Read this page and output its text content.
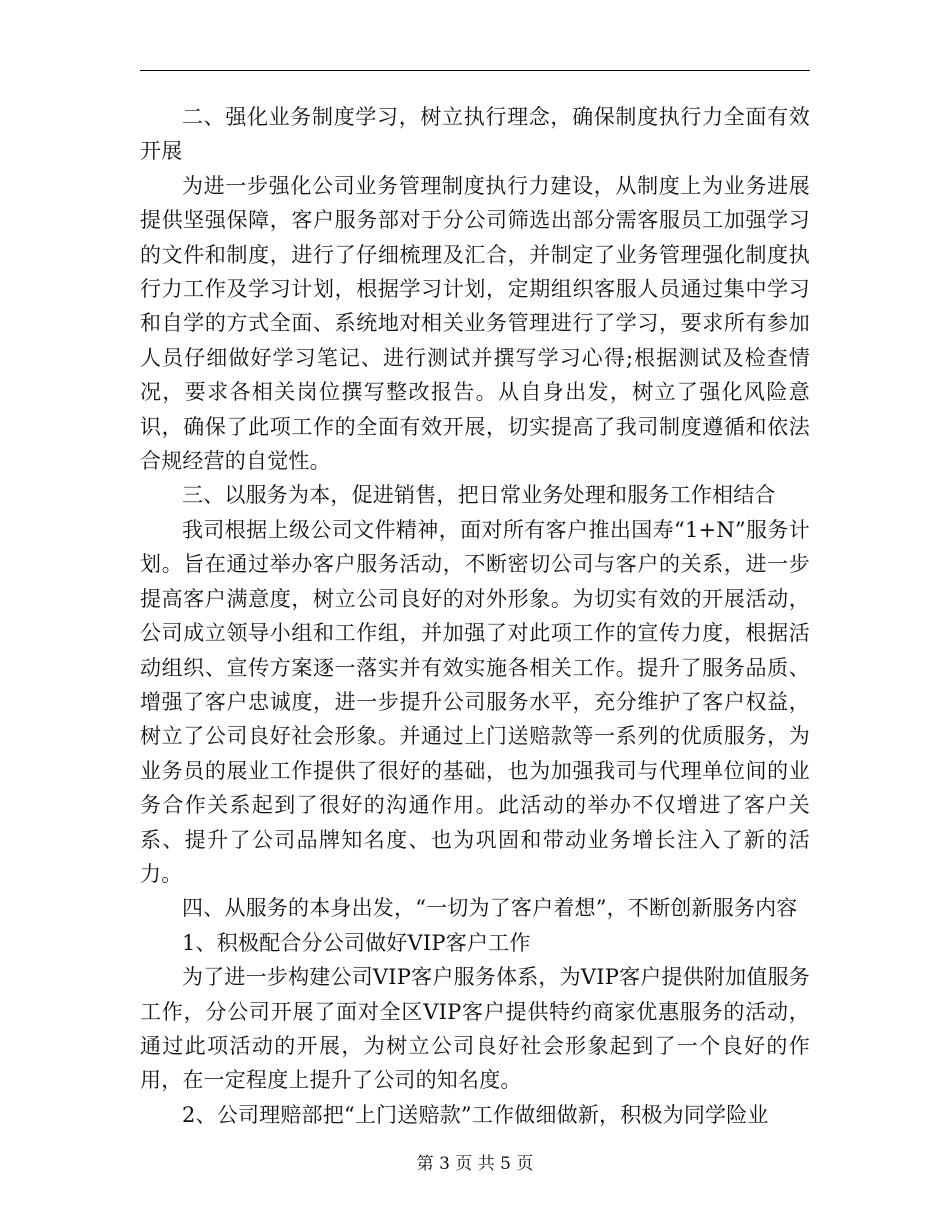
二、强化业务制度学习，树立执行理念，确保制度执行力全面有效开展

为进一步强化公司业务管理制度执行力建设，从制度上为业务进展提供坚强保障，客户服务部对于分公司筛选出部分需客服员工加强学习的文件和制度，进行了仔细梳理及汇合，并制定了业务管理强化制度执行力工作及学习计划，根据学习计划，定期组织客服人员通过集中学习和自学的方式全面、系统地对相关业务管理进行了学习，要求所有参加人员仔细做好学习笔记、进行测试并撰写学习心得;根据测试及检查情况，要求各相关岗位撰写整改报告。从自身出发，树立了强化风险意识，确保了此项工作的全面有效开展，切实提高了我司制度遵循和依法合规经营的自觉性。

三、以服务为本，促进销售，把日常业务处理和服务工作相结合

我司根据上级公司文件精神，面对所有客户推出国寿“1+N”服务计划。旨在通过举办客户服务活动，不断密切公司与客户的关系，进一步提高客户满意度，树立公司良好的对外形象。为切实有效的开展活动，公司成立领导小组和工作组，并加强了对此项工作的宣传力度，根据活动组织、宣传方案逐一落实并有效实施各相关工作。提升了服务品质、增强了客户忠诚度，进一步提升公司服务水平，充分维护了客户权益，树立了公司良好社会形象。并通过上门送赔款等一系列的优质服务，为业务员的展业工作提供了很好的基础，也为加强我司与代理单位间的业务合作关系起到了很好的沟通作用。此活动的举办不仅增进了客户关系、提升了公司品牌知名度、也为巩固和带动业务增长注入了新的活力。

四、从服务的本身出发，“一切为了客户着想”，不断创新服务内容

1、积极配合分公司做好VIP客户工作

为了进一步构建公司VIP客户服务体系，为VIP客户提供附加值服务工作，分公司开展了面对全区VIP客户提供特约商家优惠服务的活动，通过此项活动的开展，为树立公司良好社会形象起到了一个良好的作用，在一定程度上提升了公司的知名度。

2、公司理赔部把“上门送赔款”工作做细做新，积极为同学险业

第 3 页 共 5 页
